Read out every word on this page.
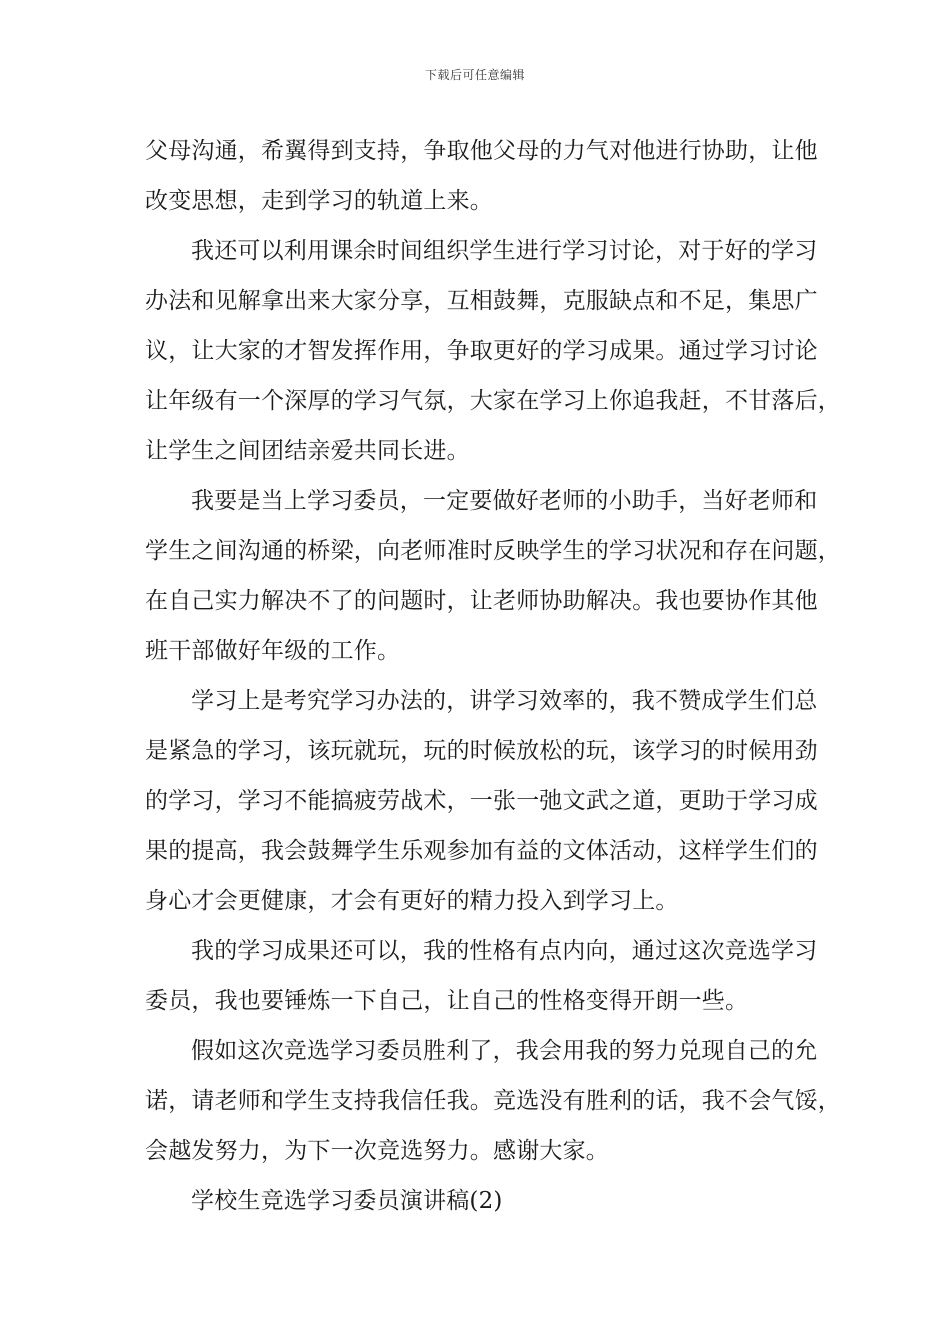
下载后可任意编辑
父母沟通，希翼得到支持，争取他父母的力气对他进行协助，让他
改变思想，走到学习的轨道上来。
我还可以利用课余时间组织学生进行学习讨论，对于好的学习
办法和见解拿出来大家分享，互相鼓舞，克服缺点和不足，集思广
议，让大家的才智发挥作用，争取更好的学习成果。通过学习讨论
让年级有一个深厚的学习气氛，大家在学习上你追我赶，不甘落后，
让学生之间团结亲爱共同长进。
我要是当上学习委员，一定要做好老师的小助手，当好老师和
学生之间沟通的桥梁，向老师准时反映学生的学习状况和存在问题，
在自己实力解决不了的问题时，让老师协助解决。我也要协作其他
班干部做好年级的工作。
学习上是考究学习办法的，讲学习效率的，我不赞成学生们总
是紧急的学习，该玩就玩，玩的时候放松的玩，该学习的时候用劲
的学习，学习不能搞疲劳战术，一张一弛文武之道，更助于学习成
果的提高，我会鼓舞学生乐观参加有益的文体活动，这样学生们的
身心才会更健康，才会有更好的精力投入到学习上。
我的学习成果还可以，我的性格有点内向，通过这次竞选学习
委员，我也要锤炼一下自己，让自己的性格变得开朗一些。
假如这次竞选学习委员胜利了，我会用我的努力兑现自己的允
诺，请老师和学生支持我信任我。竞选没有胜利的话，我不会气馁，
会越发努力，为下一次竞选努力。感谢大家。
学校生竞选学习委员演讲稿(2)
